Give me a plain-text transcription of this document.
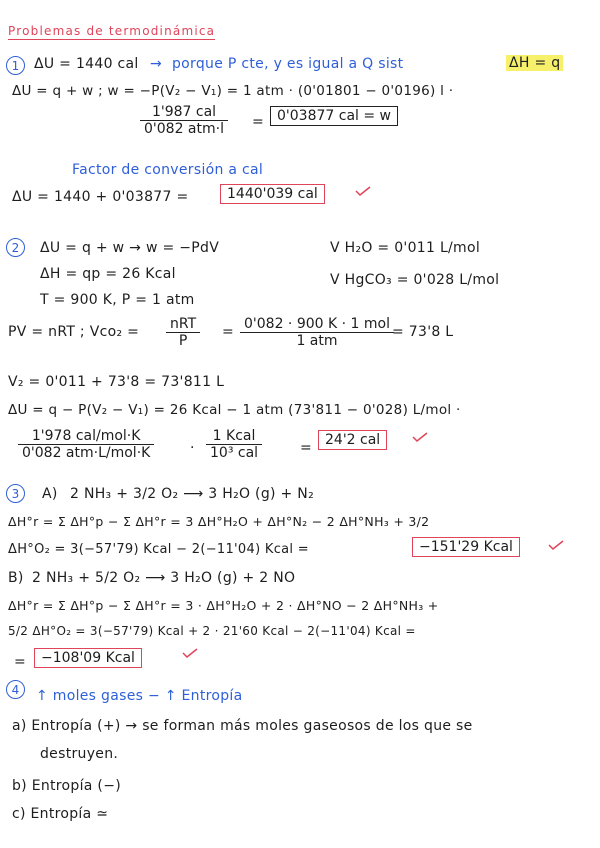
Problemas de termodinámica
1	ΔU = 1440 cal → porque P cte, y es igual a Q sist	ΔH = q
ΔU = q + w ; w = −P(V₂ − V₁) = 1 atm · (0'01801 − 0'0196) l ·
1'987 cal
0'082 atm·l = 0'03877 cal = w
Factor de conversión a cal
ΔU = 1440 + 0'03877 =	1440'039 cal
2	ΔU = q + w → w = −PdV	V H₂O = 0'011 L/mol
ΔH = qp = 26 Kcal	V HgCO₃ = 0'028 L/mol
T = 900 K, P = 1 atm
PV = nRT ; Vco₂ = nRT
P
= 0'082 · 900 K · 1 mol
1 atm
= 73'8 L
V₂ = 0'011 + 73'8 = 73'811 L
ΔU = q − P(V₂ − V₁) = 26 Kcal − 1 atm (73'811 − 0'028) L/mol ·
1'978 cal/mol·K
0'082 atm·L/mol·K	·
1 Kcal
10³ cal	= 24'2 cal
3	A) 2 NH₃ + 3/2 O₂ ⟶ 3 H₂O (g) + N₂
ΔH°r = Σ ΔH°p − Σ ΔH°r = 3 ΔH°H₂O + ΔH°N₂ − 2 ΔH°NH₃ + 3/2
ΔH°O₂ = 3(−57'79) Kcal − 2(−11'04) Kcal =	−151'29 Kcal
B) 2 NH₃ + 5/2 O₂ ⟶ 3 H₂O (g) + 2 NO
ΔH°r = Σ ΔH°p − Σ ΔH°r = 3 · ΔH°H₂O + 2 · ΔH°NO − 2 ΔH°NH₃ +
5/2 ΔH°O₂ = 3(−57'79) Kcal + 2 · 21'60 Kcal − 2(−11'04) Kcal =
=	−108'09 Kcal
4	↑ moles gases − ↑ Entropía
a) Entropía (+) → se forman más moles gaseosos de los que se
destruyen.
b) Entropía (−)
c) Entropía ≃
